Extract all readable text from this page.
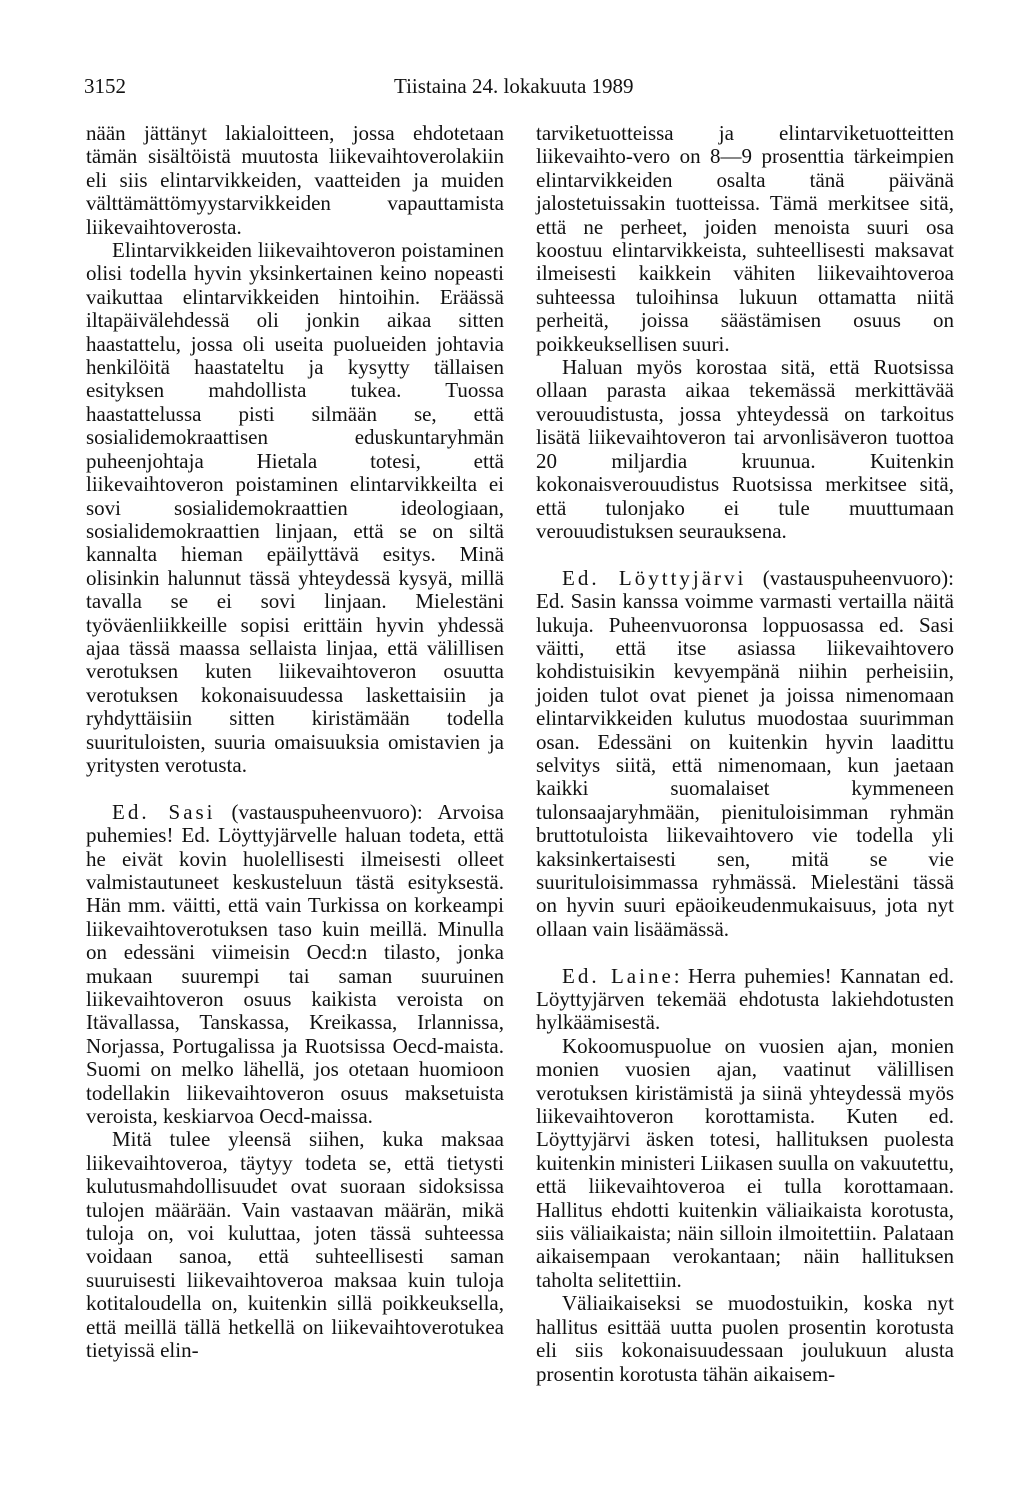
3152	Tiistaina 24. lokakuuta 1989

nään jättänyt lakialoitteen, jossa ehdotetaan tämän sisältöistä muutosta liikevaihtoverolakiin eli siis elintarvikkeiden, vaatteiden ja muiden välttämättömyystarvikkeiden vapauttamista liikevaihtoverosta.

Elintarvikkeiden liikevaihtoveron poistaminen olisi todella hyvin yksinkertainen keino nopeasti vaikuttaa elintarvikkeiden hintoihin. Eräässä iltapäivälehdessä oli jonkin aikaa sitten haastattelu, jossa oli useita puolueiden johtavia henkilöitä haastateltu ja kysytty tällaisen esityksen mahdollista tukea. Tuossa haastattelussa pisti silmään se, että sosialidemokraattisen eduskuntaryhmän puheenjohtaja Hietala totesi, että liikevaihtoveron poistaminen elintarvikkeilta ei sovi sosialidemokraattien ideologiaan, sosialidemokraattien linjaan, että se on siltä kannalta hieman epäilyttävä esitys. Minä olisinkin halunnut tässä yhteydessä kysyä, millä tavalla se ei sovi linjaan. Mielestäni työväenliikkeille sopisi erittäin hyvin yhdessä ajaa tässä maassa sellaista linjaa, että välillisen verotuksen kuten liikevaihtoveron osuutta verotuksen kokonaisuudessa laskettaisiin ja ryhdyttäisiin sitten kiristämään todella suurituloisten, suuria omaisuuksia omistavien ja yritysten verotusta.

Ed. Sasi (vastauspuheenvuoro): Arvoisa puhemies! Ed. Löyttyjärvelle haluan todeta, että he eivät kovin huolellisesti ilmeisesti olleet valmistautuneet keskusteluun tästä esityksestä. Hän mm. väitti, että vain Turkissa on korkeampi liikevaihtoverotuksen taso kuin meillä. Minulla on edessäni viimeisin Oecd:n tilasto, jonka mukaan suurempi tai saman suuruinen liikevaihtoveron osuus kaikista veroista on Itävallassa, Tanskassa, Kreikassa, Irlannissa, Norjassa, Portugalissa ja Ruotsissa Oecd-maista. Suomi on melko lähellä, jos otetaan huomioon todellakin liikevaihtoveron osuus maksetuista veroista, keskiarvoa Oecd-maissa.

Mitä tulee yleensä siihen, kuka maksaa liikevaihtoveroa, täytyy todeta se, että tietysti kulutusmahdollisuudet ovat suoraan sidoksissa tulojen määrään. Vain vastaavan määrän, mikä tuloja on, voi kuluttaa, joten tässä suhteessa voidaan sanoa, että suhteellisesti saman suuruisesti liikevaihtoveroa maksaa kuin tuloja kotitaloudella on, kuitenkin sillä poikkeuksella, että meillä tällä hetkellä on liikevaihtoverotukea tietyissä elin-

tarviketuotteissa ja elintarviketuotteitten liikevaihto-vero on 8—9 prosenttia tärkeimpien elintarvikkeiden osalta tänä päivänä jalostetuissakin tuotteissa. Tämä merkitsee sitä, että ne perheet, joiden menoista suuri osa koostuu elintarvikkeista, suhteellisesti maksavat ilmeisesti kaikkein vähiten liikevaihtoveroa suhteessa tuloihinsa lukuun ottamatta niitä perheitä, joissa säästämisen osuus on poikkeuksellisen suuri.

Haluan myös korostaa sitä, että Ruotsissa ollaan parasta aikaa tekemässä merkittävää verouudistusta, jossa yhteydessä on tarkoitus lisätä liikevaihtoveron tai arvonlisäveron tuottoa 20 miljardia kruunua. Kuitenkin kokonaisverouudistus Ruotsissa merkitsee sitä, että tulonjako ei tule muuttumaan verouudistuksen seurauksena.

Ed. Löyttyjärvi (vastauspuheenvuoro): Ed. Sasin kanssa voimme varmasti vertailla näitä lukuja. Puheenvuoronsa loppuosassa ed. Sasi väitti, että itse asiassa liikevaihtovero kohdistuisikin kevyempänä niihin perheisiin, joiden tulot ovat pienet ja joissa nimenomaan elintarvikkeiden kulutus muodostaa suurimman osan. Edessäni on kuitenkin hyvin laadittu selvitys siitä, että nimenomaan, kun jaetaan kaikki suomalaiset kymmeneen tulonsaajaryhmään, pienituloisimman ryhmän bruttotuloista liikevaihtovero vie todella yli kaksinkertaisesti sen, mitä se vie suurituloisimmassa ryhmässä. Mielestäni tässä on hyvin suuri epäoikeudenmukaisuus, jota nyt ollaan vain lisäämässä.

Ed. Laine: Herra puhemies! Kannatan ed. Löyttyjärven tekemää ehdotusta lakiehdotusten hylkäämisestä.

Kokoomuspuolue on vuosien ajan, monien monien vuosien ajan, vaatinut välillisen verotuksen kiristämistä ja siinä yhteydessä myös liikevaihtoveron korottamista. Kuten ed. Löyttyjärvi äsken totesi, hallituksen puolesta kuitenkin ministeri Liikasen suulla on vakuutettu, että liikevaihtoveroa ei tulla korottamaan. Hallitus ehdotti kuitenkin väliaikaista korotusta, siis väliaikaista; näin silloin ilmoitettiin. Palataan aikaisempaan verokantaan; näin hallituksen taholta selitettiin.

Väliaikaiseksi se muodostuikin, koska nyt hallitus esittää uutta puolen prosentin korotusta eli siis kokonaisuudessaan joulukuun alusta prosentin korotusta tähän aikaisem-
